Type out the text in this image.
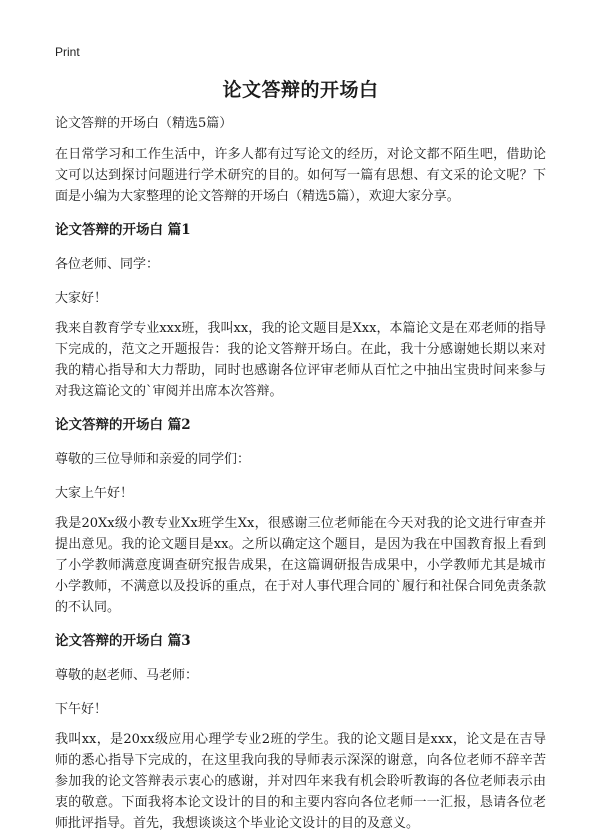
Print
论文答辩的开场白
论文答辩的开场白（精选5篇）

在日常学习和工作生活中，许多人都有过写论文的经历，对论文都不陌生吧，借助论文可以达到探讨问题进行学术研究的目的。如何写一篇有思想、有文采的论文呢？下面是小编为大家整理的论文答辩的开场白（精选5篇），欢迎大家分享。

论文答辩的开场白 篇1

各位老师、同学：

大家好！

我来自教育学专业xxx班，我叫xx，我的论文题目是Xxx，本篇论文是在邓老师的指导下完成的，范文之开题报告：我的论文答辩开场白。在此，我十分感谢她长期以来对我的精心指导和大力帮助，同时也感谢各位评审老师从百忙之中抽出宝贵时间来参与对我这篇论文的`审阅并出席本次答辩。

论文答辩的开场白 篇2

尊敬的三位导师和亲爱的同学们：

大家上午好！

我是20Xx级小教专业Xx班学生Xx，很感谢三位老师能在今天对我的论文进行审查并提出意见。我的论文题目是xx。之所以确定这个题目，是因为我在中国教育报上看到了小学教师满意度调查研究报告成果，在这篇调研报告成果中，小学教师尤其是城市小学教师，不满意以及投诉的重点，在于对人事代理合同的`履行和社保合同免责条款的不认同。

论文答辩的开场白 篇3

尊敬的赵老师、马老师：

下午好！

我叫xx，是20xx级应用心理学专业2班的学生。我的论文题目是xxx，论文是在吉导师的悉心指导下完成的，在这里我向我的导师表示深深的谢意，向各位老师不辞辛苦参加我的论文答辩表示衷心的感谢，并对四年来我有机会聆听教诲的各位老师表示由衷的敬意。下面我将本论文设计的目的和主要内容向各位老师一一汇报，恳请各位老师批评指导。首先，我想谈谈这个毕业论文设计的目的及意义。
